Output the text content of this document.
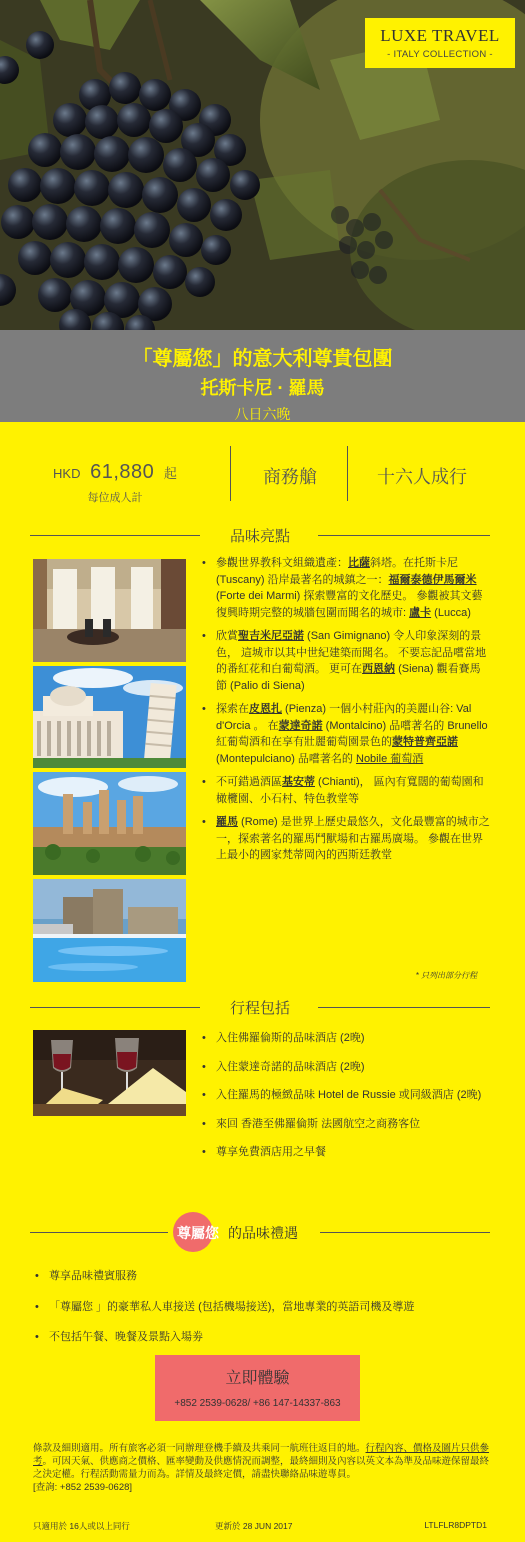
LUXE TRAVEL
- ITALY COLLECTION -
「尊屬您」的意大利尊貴包團
托斯卡尼 · 羅馬
八日六晚
HKD 61,880 起
每位成人計
商務艙	十六人成行
品味亮點
• 參觀世界教科文組織遺產：比薩斜塔。在托斯卡尼 (Tuscany) 沿岸最著名的城鎮之一：福爾泰德伊馬爾米 (Forte dei Marmi) 探索豐富的文化歷史。 參觀被其文藝復興時期完整的城牆包圍而聞名的城市: 盧卡 (Lucca)
• 欣賞聖吉米尼亞諾 (San Gimignano) 令人印象深刻的景色， 這城市以其中世紀建築而聞名。 不要忘記品嚐當地的番紅花和白葡萄酒。 更可在西恩納 (Siena) 觀看賽馬節 (Palio di Siena)
• 探索在皮恩扎 (Pienza) 一個小村莊內的美麗山谷: Val d'Orcia 。 在蒙達奇諾 (Montalcino) 品嚐著名的 Brunello 紅葡萄酒和在享有壯麗葡萄園景色的蒙特普齊亞諾 (Montepulciano) 品嚐著名的 Nobile 葡萄酒
• 不可錯過酒區基安蒂 (Chianti)， 區內有寬闊的葡萄園和橄欖園、小石村、特色教堂等
• 羅馬 (Rome) 是世界上歷史最悠久，文化最豐富的城市之一，探索著名的羅馬鬥獸場和古羅馬廣場。 參觀在世界上最小的國家梵蒂岡內的西斯廷教堂
* 只列出部分行程
行程包括
• 入住佛羅倫斯的品味酒店 (2晚)
• 入住蒙達奇諾的品味酒店 (2晚)
• 入住羅馬的極緻品味 Hotel de Russie 或同級酒店 (2晚)
• 來回 香港至佛羅倫斯 法國航空之商務客位
• 尊享免費酒店用之早餐
尊屬您 的品味禮遇
• 尊享品味禮賓服務
• 「尊屬您 」的豪華私人車接送 (包括機場接送)，當地專業的英語司機及導遊
• 不包括午餐、晚餐及景點入場劵
立即體驗
+852 2539-0628/ +86 147-14337-863
條款及細則適用。所有旅客必須一同辦理登機手續及共乘同一航班往返目的地。行程內容、價格及圖片只供參考。可因天氣、供應商之價格、匯率變動及供應情況而調整，最終細則及內容以英文本為準及品味遊保留最終之決定權。行程活動需量力而為。詳情及最終定價，請盡快聯絡品味遊專員。
[查詢: +852 2539-0628]
只適用於 16人或以上同行	更新於 28 JUN 2017	LTLFLR8DPTD1
